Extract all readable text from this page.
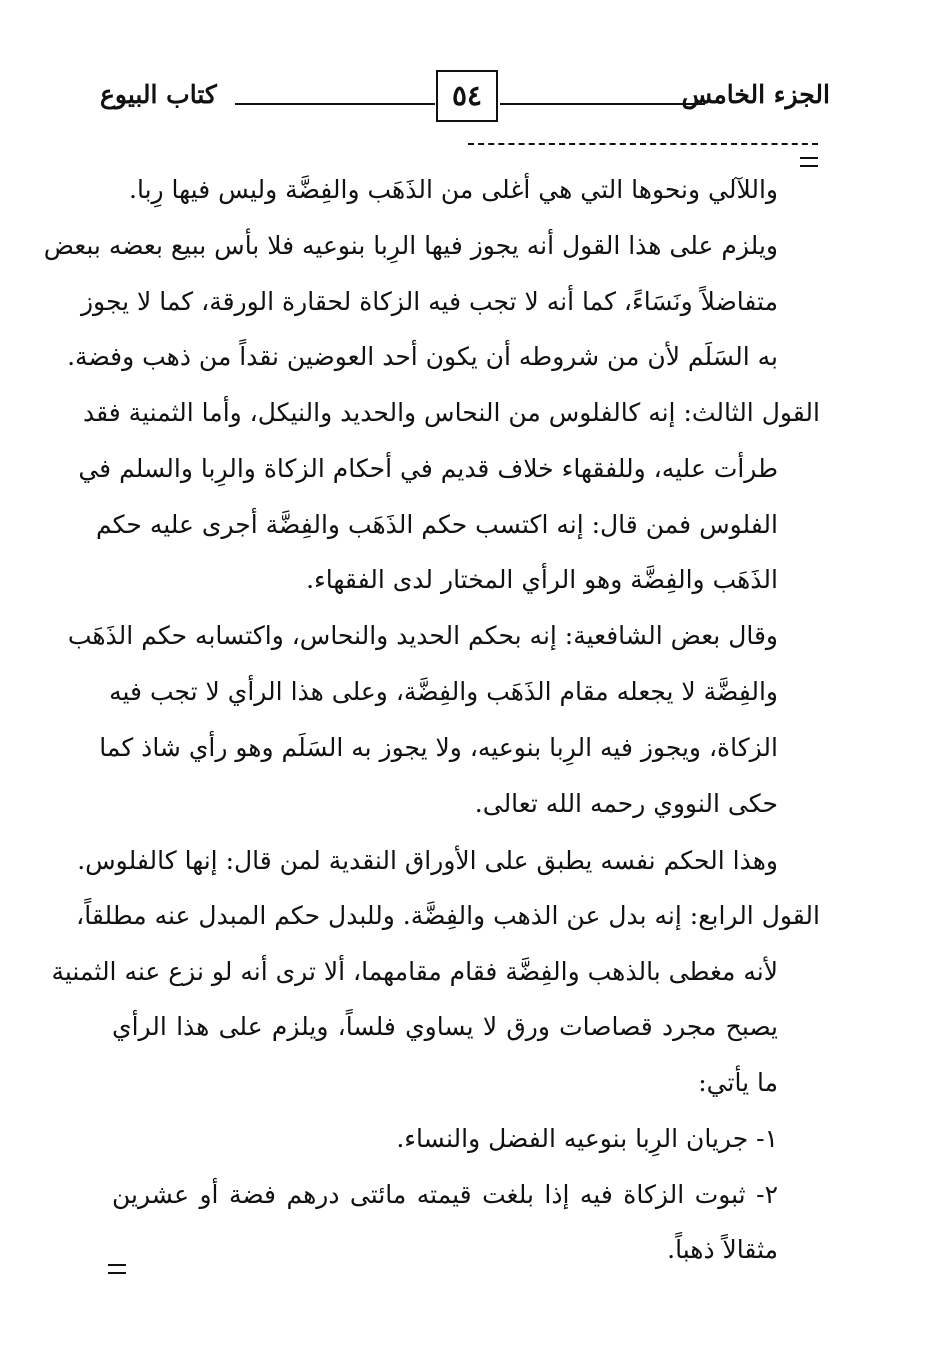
الجزء الخامس
٥٤
كتاب البيوع
واللآلي ونحوها التي هي أغلى من الذَهَب والفِضَّة وليس فيها رِبا.
ويلزم على هذا القول أنه يجوز فيها الرِبا بنوعيه فلا بأس ببيع بعضه ببعض
متفاضلاً ونَسَاءً، كما أنه لا تجب فيه الزكاة لحقارة الورقة، كما لا يجوز
به السَلَم لأن من شروطه أن يكون أحد العوضين نقداً من ذهب وفضة.
القول الثالث: إنه كالفلوس من النحاس والحديد والنيكل، وأما الثمنية فقد
طرأت عليه، وللفقهاء خلاف قديم في أحكام الزكاة والرِبا والسلم في
الفلوس فمن قال: إنه اكتسب حكم الذَهَب والفِضَّة أجرى عليه حكم
الذَهَب والفِضَّة وهو الرأي المختار لدى الفقهاء.
وقال بعض الشافعية: إنه بحكم الحديد والنحاس، واكتسابه حكم الذَهَب
والفِضَّة لا يجعله مقام الذَهَب والفِضَّة، وعلى هذا الرأي لا تجب فيه
الزكاة، ويجوز فيه الرِبا بنوعيه، ولا يجوز به السَلَم وهو رأي شاذ كما
حكى النووي رحمه الله تعالى.
وهذا الحكم نفسه يطبق على الأوراق النقدية لمن قال: إنها كالفلوس.
القول الرابع: إنه بدل عن الذهب والفِضَّة. وللبدل حكم المبدل عنه مطلقاً،
لأنه مغطى بالذهب والفِضَّة فقام مقامهما، ألا ترى أنه لو نزع عنه الثمنية
يصبح مجرد قصاصات ورق لا يساوي فلساً، ويلزم على هذا الرأي
ما يأتي:
١- جريان الرِبا بنوعيه الفضل والنساء.
٢- ثبوت الزكاة فيه إذا بلغت قيمته مائتى درهم فضة أو عشرين
مثقالاً ذهباً.
